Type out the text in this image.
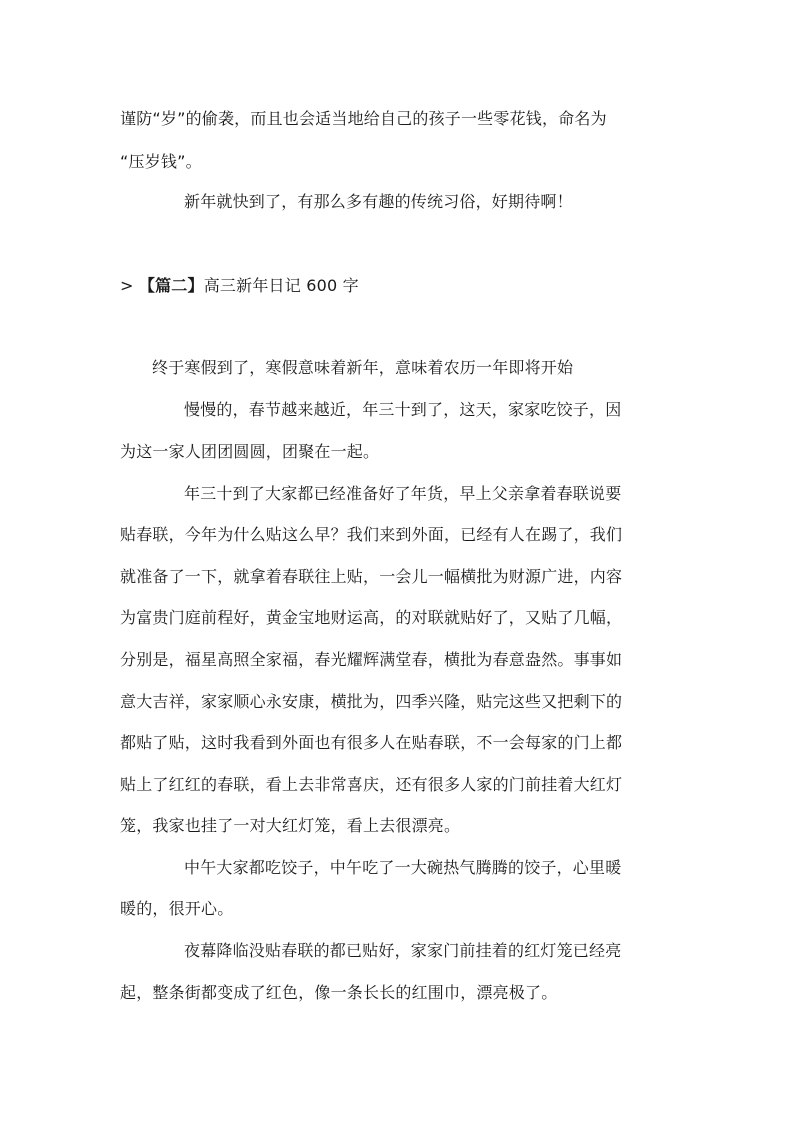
谨防“岁”的偷袭，而且也会适当地给自己的孩子一些零花钱，命名为
“压岁钱”。
新年就快到了，有那么多有趣的传统习俗，好期待啊！
> 【篇二】高三新年日记 600 字
终于寒假到了，寒假意味着新年，意味着农历一年即将开始
慢慢的，春节越来越近，年三十到了，这天，家家吃饺子，因
为这一家人团团圆圆，团聚在一起。
年三十到了大家都已经准备好了年货，早上父亲拿着春联说要
贴春联，今年为什么贴这么早？我们来到外面，已经有人在踢了，我们
就准备了一下，就拿着春联往上贴，一会儿一幅横批为财源广进，内容
为富贵门庭前程好，黄金宝地财运高，的对联就贴好了，又贴了几幅，
分别是，福星高照全家福，春光耀辉满堂春，横批为春意盎然。事事如
意大吉祥，家家顺心永安康，横批为，四季兴隆，贴完这些又把剩下的
都贴了贴，这时我看到外面也有很多人在贴春联，不一会每家的门上都
贴上了红红的春联，看上去非常喜庆，还有很多人家的门前挂着大红灯
笼，我家也挂了一对大红灯笼，看上去很漂亮。
中午大家都吃饺子，中午吃了一大碗热气腾腾的饺子，心里暖
暖的，很开心。
夜幕降临没贴春联的都已贴好，家家门前挂着的红灯笼已经亮
起，整条街都变成了红色，像一条长长的红围巾，漂亮极了。
